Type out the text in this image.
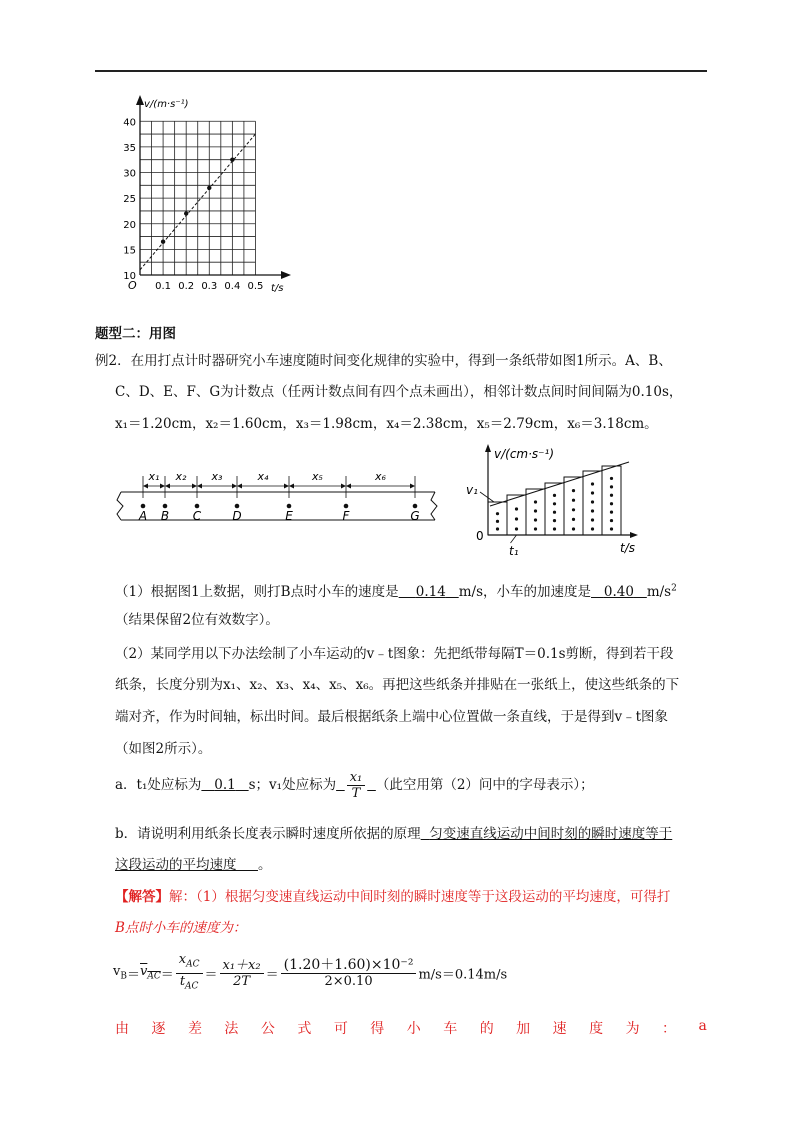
v/(m·s⁻¹)
t/s
O 0.1 0.2 0.3 0.4 0.5
10
15
20
25
30
35
40
题型二：用图
例2．在用打点计时器研究小车速度随时间变化规律的实验中，得到一条纸带如图1所示。A、B、
C、D、E、F、G为计数点（任两计数点间有四个点未画出），相邻计数点间时间间隔为0.10s，
x₁＝1.20cm，x₂＝1.60cm，x₃＝1.98cm，x₄＝2.38cm，x₅＝2.79cm，x₆＝3.18cm。
A B C	D	E	F	G
x₁ x₂ x₃	x₄	x₅	x₆
v/(cm·s⁻¹)
t/s
0
v₁
t₁
（1）根据图1上数据，则打B点时小车的速度是 0.14 m/s，小车的加速度是 0.40 $m/s^2$
（结果保留2位有效数字）。
（2）某同学用以下办法绘制了小车运动的v﹣t图象：先把纸带每隔T＝0.1s剪断，得到若干段
纸条，长度分别为x₁、x₂、x₃、x₄、x₅、x₆。再把这些纸条并排贴在一张纸上，使这些纸条的下
端对齐，作为时间轴，标出时间。最后根据纸条上端中心位置做一条直线，于是得到v﹣t图象
（如图2所示）。
a．t₁处应标为 0.1 s；v₁处应标为 $\frac{\text{x₁}}{T}$ （此空用第（2）问中的字母表示）；
b．请说明利用纸条长度表示瞬时速度所依据的原理 匀变速直线运动中间时刻的瞬时速度等于
这段运动的平均速度 。
【解答】解：（1）根据匀变速直线运动中间时刻的瞬时速度等于这段运动的平均速度，可得打
B点时小车的速度为：
$v_B=v_{AC}= \frac{x_{AC}}{t_{AC}} = \frac{\text{x₁＋x₂}}{2T} = \frac{\text{(1.20＋1.60)×10⁻²}}{2\times 0.10} m/s=0.14m/s$
由 逐 差 法 公 式 可 得 小 车 的 加 速 度 为 ： a
